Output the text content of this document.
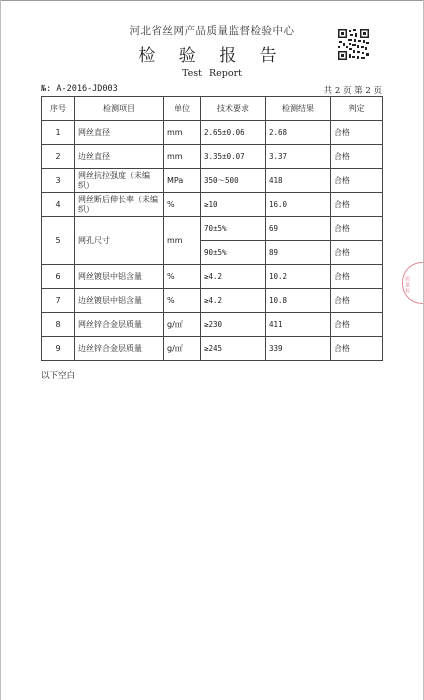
河北省丝网产品质量监督检验中心
检 验 报 告
Test Report
№: A-2016-JD003	共 2 页 第 2 页
序号	检测项目	单位	技术要求	检测结果	判定
1	网丝直径	mm	2.65±0.06	2.68	合格
2	边丝直径	mm	3.35±0.07	3.37	合格
3	网丝抗拉强度（未编织）	MPa	350～500	418	合格
4	网丝断后伸长率（未编织）	%	≥10	16.0	合格
5	网孔尺寸	mm	70±5%	69	合格
			90±5%	89	合格
6	网丝镀层中铝含量	%	≥4.2	10.2	合格
7	边丝镀层中铝含量	%	≥4.2	10.8	合格
8	网丝锌合金层质量	g/㎡	≥230	411	合格
9	边丝锌合金层质量	g/㎡	≥245	339	合格
以下空白
质量检
